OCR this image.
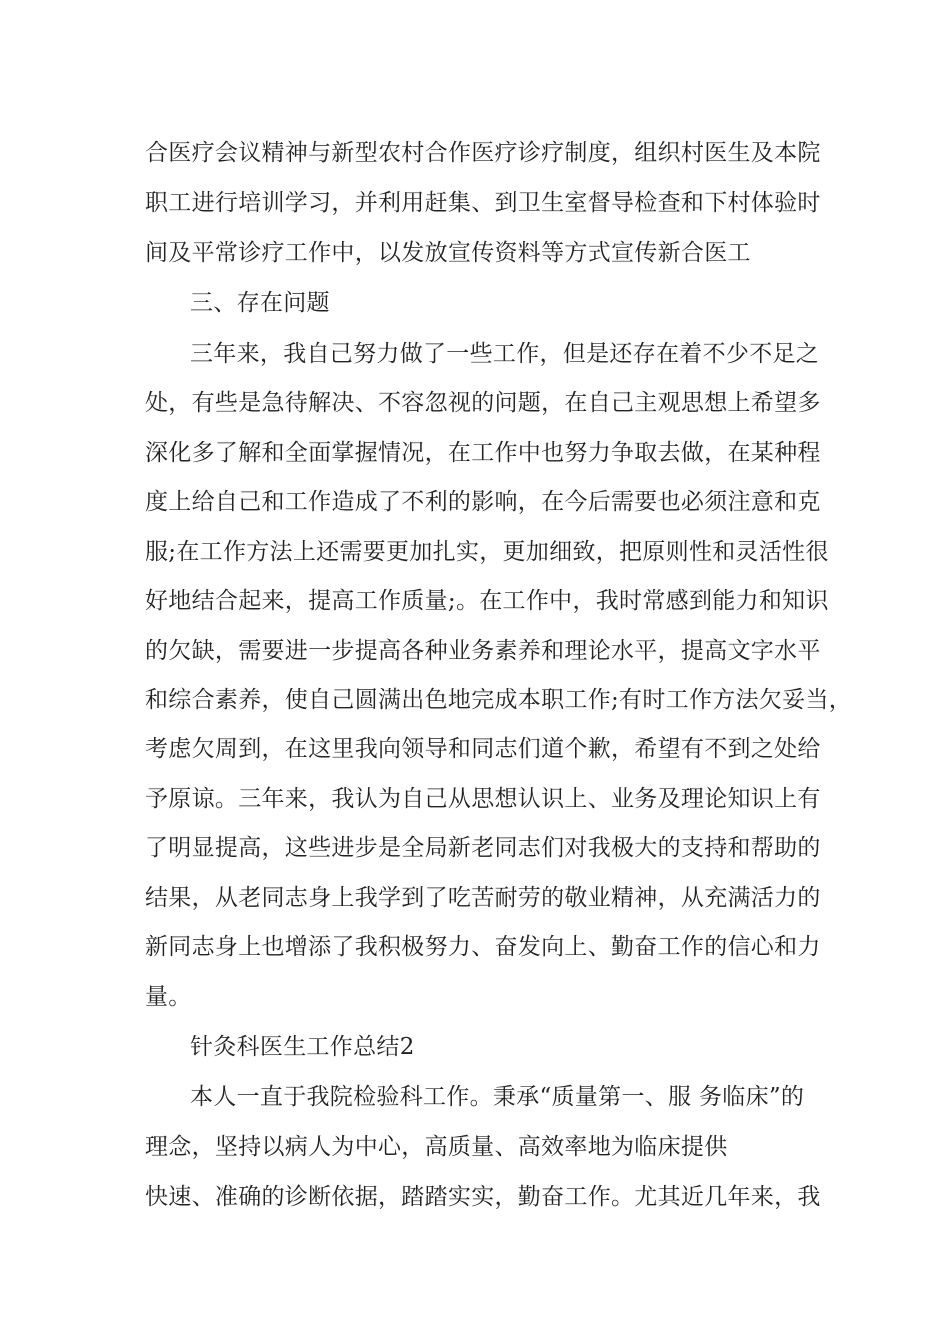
合医疗会议精神与新型农村合作医疗诊疗制度，组织村医生及本院
职工进行培训学习，并利用赶集、到卫生室督导检查和下村体验时
间及平常诊疗工作中，以发放宣传资料等方式宣传新合医工
三、存在问题
三年来，我自己努力做了一些工作，但是还存在着不少不足之
处，有些是急待解决、不容忽视的问题，在自己主观思想上希望多
深化多了解和全面掌握情况，在工作中也努力争取去做，在某种程
度上给自己和工作造成了不利的影响，在今后需要也必须注意和克
服;在工作方法上还需要更加扎实，更加细致，把原则性和灵活性很
好地结合起来，提高工作质量;。在工作中，我时常感到能力和知识
的欠缺，需要进一步提高各种业务素养和理论水平，提高文字水平
和综合素养，使自己圆满出色地完成本职工作;有时工作方法欠妥当，
考虑欠周到，在这里我向领导和同志们道个歉，希望有不到之处给
予原谅。三年来，我认为自己从思想认识上、业务及理论知识上有
了明显提高，这些进步是全局新老同志们对我极大的支持和帮助的
结果，从老同志身上我学到了吃苦耐劳的敬业精神，从充满活力的
新同志身上也增添了我积极努力、奋发向上、勤奋工作的信心和力
量。
针灸科医生工作总结2
本人一直于我院检验科工作。秉承“质量第一、服 务临床”的
理念，坚持以病人为中心，高质量、高效率地为临床提供
快速、准确的诊断依据，踏踏实实，勤奋工作。尤其近几年来，我
